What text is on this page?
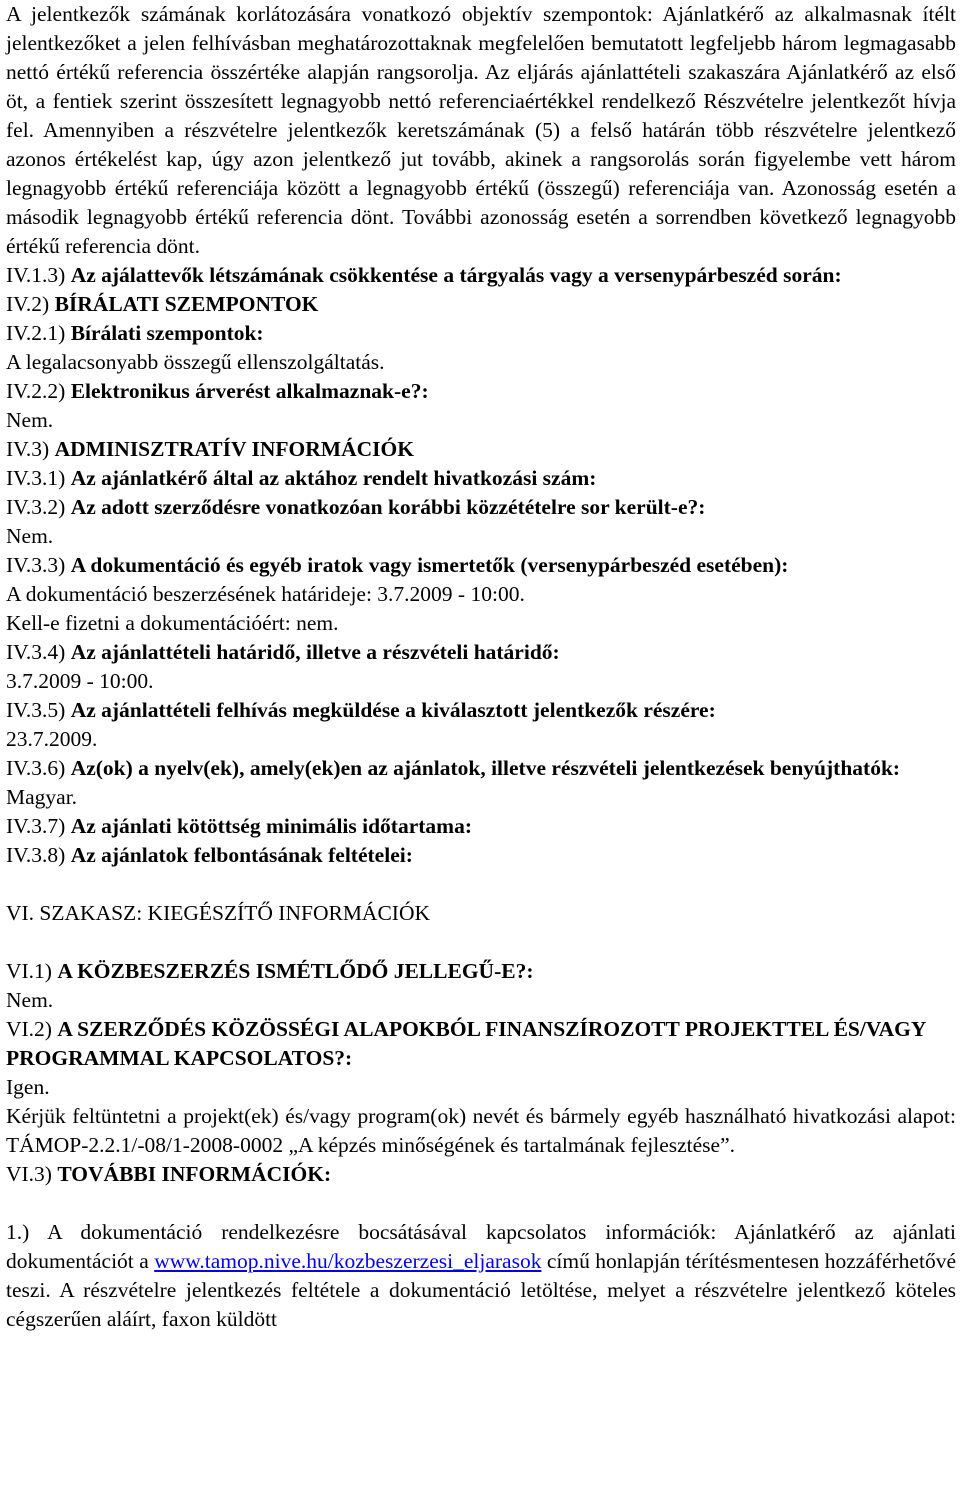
A jelentkezők számának korlátozására vonatkozó objektív szempontok: Ajánlatkérő az alkalmasnak ítélt jelentkezőket a jelen felhívásban meghatározottaknak megfelelően bemutatott legfeljebb három legmagasabb nettó értékű referencia összértéke alapján rangsorolja. Az eljárás ajánlattételi szakaszára Ajánlatkérő az első öt, a fentiek szerint összesített legnagyobb nettó referenciaértékkel rendelkező Részvételre jelentkezőt hívja fel. Amennyiben a részvételre jelentkezők keretszámának (5) a felső határán több részvételre jelentkező azonos értékelést kap, úgy azon jelentkező jut tovább, akinek a rangsorolás során figyelembe vett három legnagyobb értékű referenciája között a legnagyobb értékű (összegű) referenciája van. Azonosság esetén a második legnagyobb értékű referencia dönt. További azonosság esetén a sorrendben következő legnagyobb értékű referencia dönt.

IV.1.3) Az ajálattevők létszámának csökkentése a tárgyalás vagy a versenypárbeszéd során:

IV.2) BÍRÁLATI SZEMPONTOK

IV.2.1) Bírálati szempontok:

A legalacsonyabb összegű ellenszolgáltatás.

IV.2.2) Elektronikus árverést alkalmaznak-e?:

Nem.

IV.3) ADMINISZTRATÍV INFORMÁCIÓK

IV.3.1) Az ajánlatkérő által az aktához rendelt hivatkozási szám:

IV.3.2) Az adott szerződésre vonatkozóan korábbi közzétételre sor került-e?:

Nem.

IV.3.3) A dokumentáció és egyéb iratok vagy ismertetők (versenypárbeszéd esetében):

A dokumentáció beszerzésének határideje: 3.7.2009 - 10:00.

Kell-e fizetni a dokumentációért: nem.

IV.3.4) Az ajánlattételi határidő, illetve a részvételi határidő:

3.7.2009 - 10:00.

IV.3.5) Az ajánlattételi felhívás megküldése a kiválasztott jelentkezők részére:

23.7.2009.

IV.3.6) Az(ok) a nyelv(ek), amely(ek)en az ajánlatok, illetve részvételi jelentkezések benyújthatók:

Magyar.

IV.3.7) Az ajánlati kötöttség minimális időtartama:

IV.3.8) Az ajánlatok felbontásának feltételei:

VI. SZAKASZ: KIEGÉSZÍTŐ INFORMÁCIÓK

VI.1) A KÖZBESZERZÉS ISMÉTLŐDŐ JELLEGŰ-E?:

Nem.

VI.2) A SZERZŐDÉS KÖZÖSSÉGI ALAPOKBÓL FINANSZÍROZOTT PROJEKTTEL ÉS/VAGY PROGRAMMAL KAPCSOLATOS?:

Igen.

Kérjük feltüntetni a projekt(ek) és/vagy program(ok) nevét és bármely egyéb használható hivatkozási alapot: TÁMOP-2.2.1/-08/1-2008-0002 „A képzés minőségének és tartalmának fejlesztése”.

VI.3) TOVÁBBI INFORMÁCIÓK:

1.) A dokumentáció rendelkezésre bocsátásával kapcsolatos információk: Ajánlatkérő az ajánlati dokumentációt a www.tamop.nive.hu/kozbeszerzesi_eljarasok című honlapján térítésmentesen hozzáférhetővé teszi. A részvételre jelentkezés feltétele a dokumentáció letöltése, melyet a részvételre jelentkező köteles cégszerűen aláírt, faxon küldött
